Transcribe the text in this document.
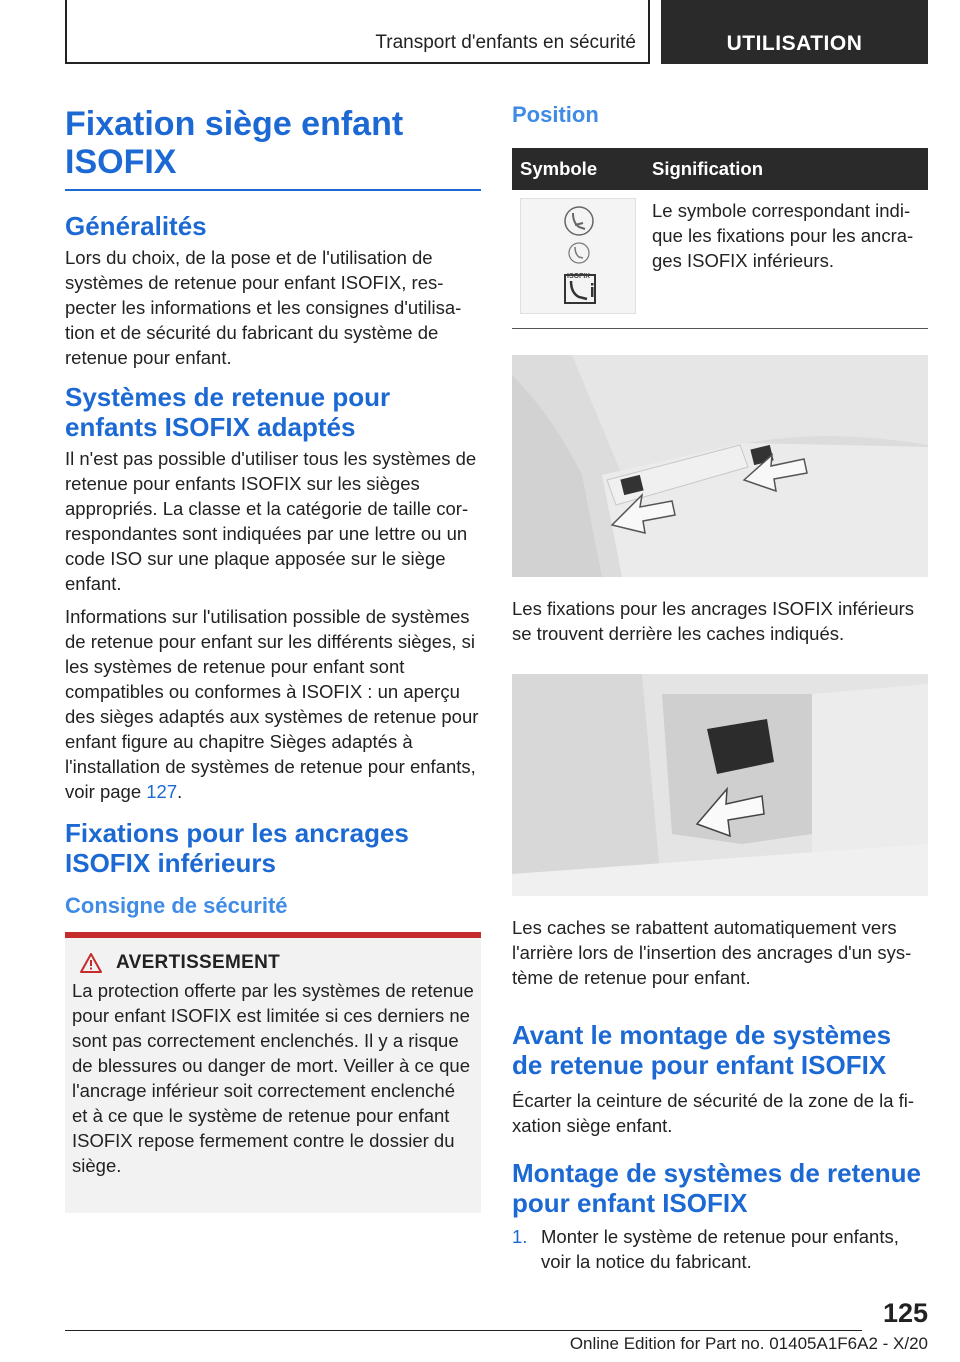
Transport d'enfants en sécurité	UTILISATION
Fixation siège enfant
ISOFIX
Généralités

Lors du choix, de la pose et de l'utilisation de systèmes de retenue pour enfant ISOFIX, respecter les informations et les consignes d'utilisation et de sécurité du fabricant du système de retenue pour enfant.

Systèmes de retenue pour enfants ISOFIX adaptés

Il n'est pas possible d'utiliser tous les systèmes de retenue pour enfants ISOFIX sur les sièges appropriés. La classe et la catégorie de taille correspondantes sont indiquées par une lettre ou un code ISO sur une plaque apposée sur le siège enfant.

Informations sur l'utilisation possible de systèmes de retenue pour enfant sur les différents sièges, si les systèmes de retenue pour enfant sont compatibles ou conformes à ISOFIX : un aperçu des sièges adaptés aux systèmes de retenue pour enfant figure au chapitre Sièges adaptés à l'installation de systèmes de retenue pour enfants, voir page 127.

Fixations pour les ancrages ISOFIX inférieurs
Consigne de sécurité
AVERTISSEMENT

La protection offerte par les systèmes de retenue pour enfant ISOFIX est limitée si ces derniers ne sont pas correctement enclenchés. Il y a risque de blessures ou danger de mort. Veiller à ce que l'ancrage inférieur soit correctement enclenché et à ce que le système de retenue pour enfant ISOFIX repose fermement contre le dossier du siège.

Position
Symbole	Signification

ISOFIX	Le symbole correspondant indique les fixations pour les ancrages ISOFIX inférieurs.

Les fixations pour les ancrages ISOFIX inférieurs se trouvent derrière les caches indiqués.

Les caches se rabattent automatiquement vers l'arrière lors de l'insertion des ancrages d'un système de retenue pour enfant.

Avant le montage de systèmes de retenue pour enfant ISOFIX

Écarter la ceinture de sécurité de la zone de la fixation siège enfant.

Montage de systèmes de retenue pour enfant ISOFIX
1. Monter le système de retenue pour enfants, voir la notice du fabricant.
125
Online Edition for Part no. 01405A1F6A2 - X/20
